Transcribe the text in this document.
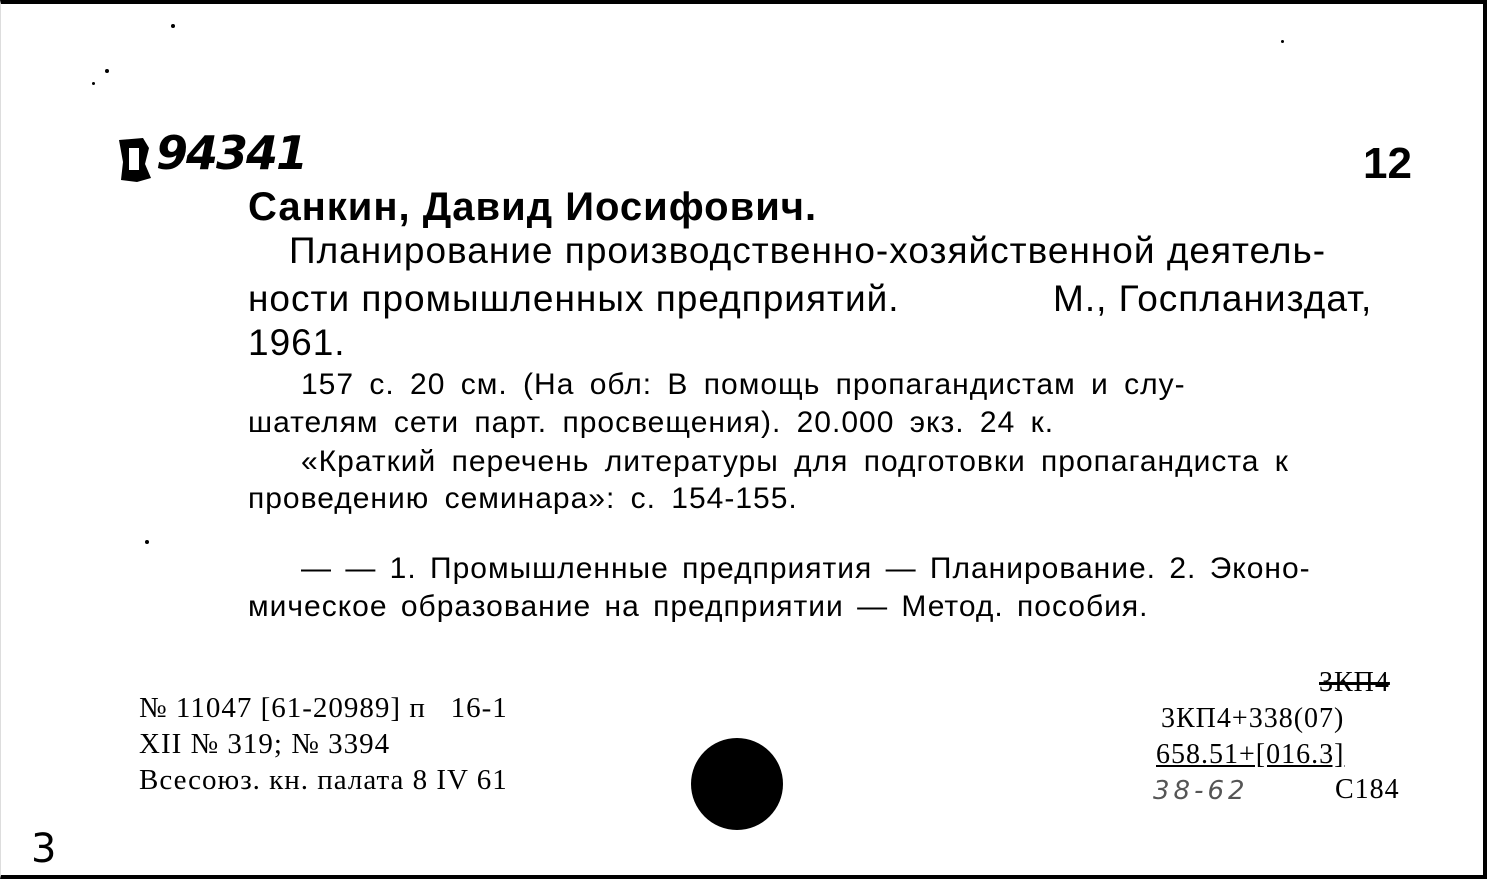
94341	12
Санкин, Давид Иосифович.
Планирование производственно-хозяйственной деятель-
ности промышленных предприятий.	М., Госпланиздат,
1961.
157 с. 20 см. (На обл: В помощь пропагандистам и слу-
шателям сети парт. просвещения). 20.000 экз. 24 к.
«Краткий перечень литературы для подготовки пропагандиста к
проведению семинара»: с. 154-155.
— — 1. Промышленные предприятия — Планирование. 2. Эконо-
мическое образование на предприятии — Метод. пособия.
№ 11047 [61-20989] п   16-1
XII № 319; № 3394
Всесоюз. кн. палата 8 IV 61
3КП4
3КП4+338(07)
658.51+[016.3]
38-62	С184
3
